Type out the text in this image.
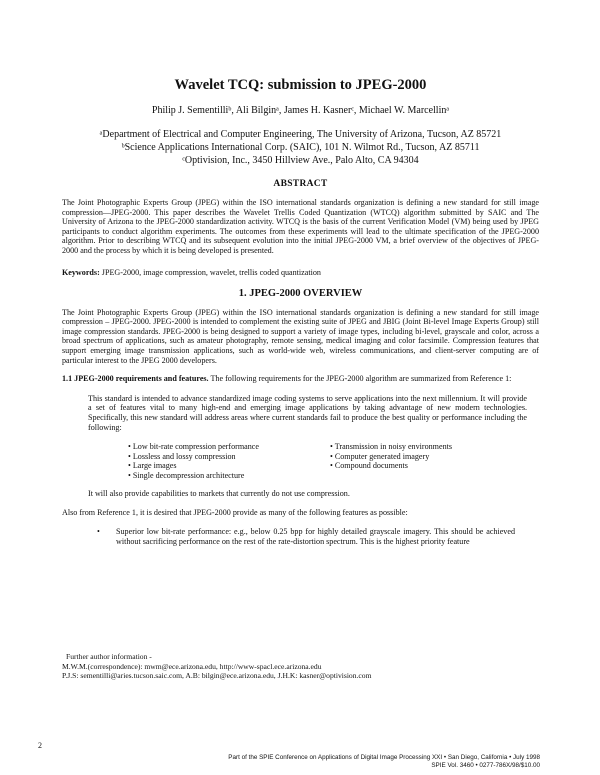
Wavelet TCQ: submission to JPEG-2000
Philip J. Sementilliᵇ, Ali Bilginᵃ, James H. Kasnerᶜ, Michael W. Marcellinᵃ
ᵃDepartment of Electrical and Computer Engineering, The University of Arizona, Tucson, AZ 85721
ᵇScience Applications International Corp. (SAIC), 101 N. Wilmot Rd., Tucson, AZ 85711
ᶜOptivision, Inc., 3450 Hillview Ave., Palo Alto, CA 94304
ABSTRACT

The Joint Photographic Experts Group (JPEG) within the ISO international standards organization is defining a new standard for still image compression—JPEG-2000. This paper describes the Wavelet Trellis Coded Quantization (WTCQ) algorithm submitted by SAIC and The University of Arizona to the JPEG-2000 standardization activity. WTCQ is the basis of the current Verification Model (VM) being used by JPEG participants to conduct algorithm experiments. The outcomes from these experiments will lead to the ultimate specification of the JPEG-2000 algorithm. Prior to describing WTCQ and its subsequent evolution into the initial JPEG-2000 VM, a brief overview of the objectives of JPEG-2000 and the process by which it is being developed is presented.

Keywords: JPEG-2000, image compression, wavelet, trellis coded quantization

1. JPEG-2000 OVERVIEW

The Joint Photographic Experts Group (JPEG) within the ISO international standards organization is defining a new standard for still image compression – JPEG-2000. JPEG-2000 is intended to complement the existing suite of JPEG and JBIG (Joint Bi-level Image Experts Group) still image compression standards. JPEG-2000 is being designed to support a variety of image types, including bi-level, grayscale and color, across a broad spectrum of applications, such as amateur photography, remote sensing, medical imaging and color facsimile. Compression features that support emerging image transmission applications, such as world-wide web, wireless communications, and client-server computing are of particular interest to the JPEG 2000 developers.

1.1 JPEG-2000 requirements and features. The following requirements for the JPEG-2000 algorithm are summarized from Reference 1:

This standard is intended to advance standardized image coding systems to serve applications into the next millennium. It will provide a set of features vital to many high-end and emerging image applications by taking advantage of new modern technologies. Specifically, this new standard will address areas where current standards fail to produce the best quality or performance including the following:

• Low bit-rate compression performance
• Lossless and lossy compression
• Large images
• Single decompression architecture
• Transmission in noisy environments
• Computer generated imagery
• Compound documents

It will also provide capabilities to markets that currently do not use compression.

Also from Reference 1, it is desired that JPEG-2000 provide as many of the following features as possible:

•	Superior low bit-rate performance: e.g., below 0.25 bpp for highly detailed grayscale imagery. This should be achieved without sacrificing performance on the rest of the rate-distortion spectrum. This is the highest priority feature

Further author information -
M.W.M.(correspondence): mwm@ece.arizona.edu, http://www-spacl.ece.arizona.edu
P.J.S: sementilli@aries.tucson.saic.com, A.B: bilgin@ece.arizona.edu, J.H.K: kasner@optivision.com
2
Part of the SPIE Conference on Applications of Digital Image Processing XXI • San Diego, California • July 1998
SPIE Vol. 3460 • 0277-786X/98/$10.00
